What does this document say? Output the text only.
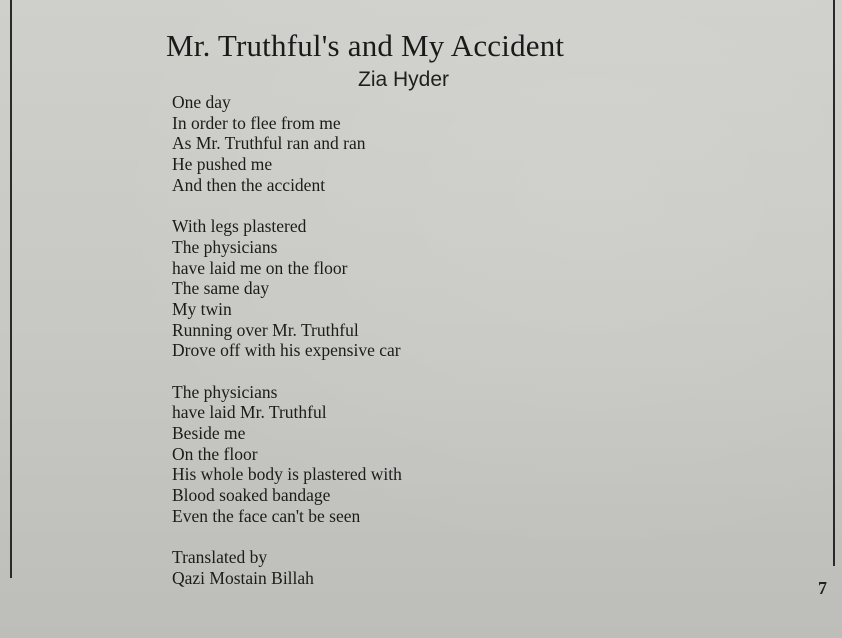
Mr. Truthful's and My Accident
Zia Hyder
One day
In order to flee from me
As Mr. Truthful ran and ran
He pushed me
And then the accident
With legs plastered
The physicians
have laid me on the floor
The same day
My twin
Running over Mr. Truthful
Drove off with his expensive car
The physicians
have laid Mr. Truthful
Beside me
On the floor
His whole body is plastered with
Blood soaked bandage
Even the face can't be seen
Translated by
Qazi Mostain Billah
7
